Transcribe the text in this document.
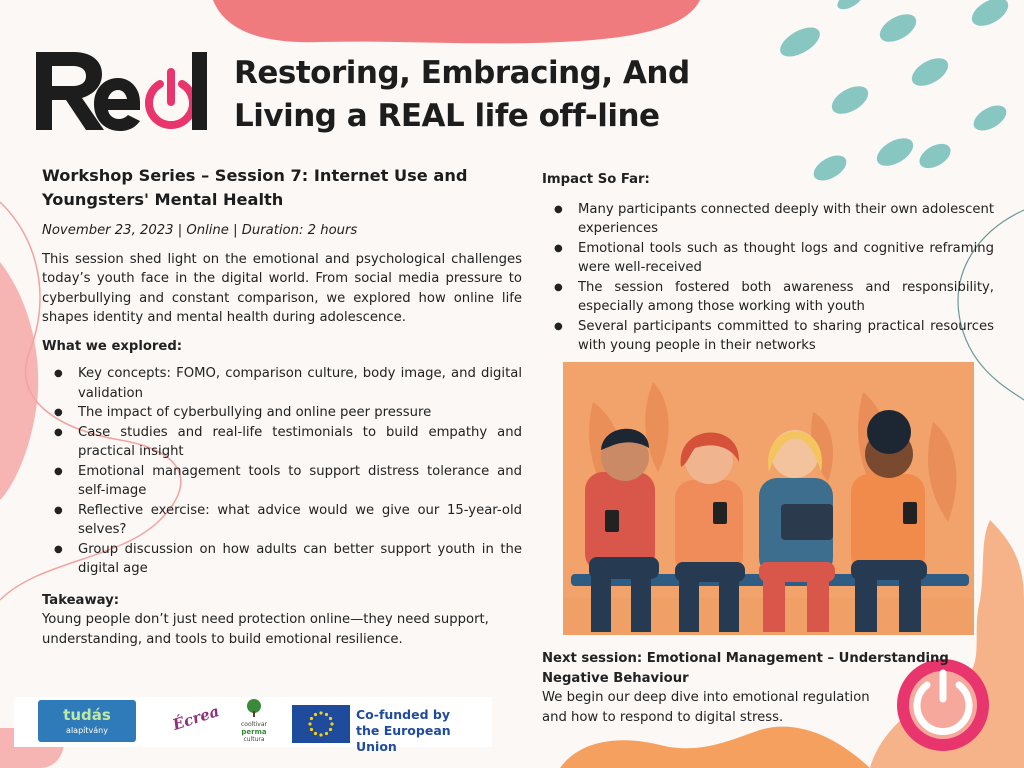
Restoring, Embracing, And
Living a REAL life off-line
Workshop Series – Session 7: Internet Use and Youngsters' Mental Health

November 23, 2023 | Online | Duration: 2 hours

This session shed light on the emotional and psychological challenges today’s youth face in the digital world. From social media pressure to cyberbullying and constant comparison, we explored how online life shapes identity and mental health during adolescence.

What we explored:
● Key concepts: FOMO, comparison culture, body image, and digital validation
● The impact of cyberbullying and online peer pressure
● Case studies and real-life testimonials to build empathy and practical insight
● Emotional management tools to support distress tolerance and self-image
● Reflective exercise: what advice would we give our 15-year-old selves?
● Group discussion on how adults can better support youth in the digital age
Takeaway:
Young people don’t just need protection online—they need support, understanding, and tools to build emotional resilience.
Impact So Far:
● Many participants connected deeply with their own adolescent experiences
● Emotional tools such as thought logs and cognitive reframing were well-received
● The session fostered both awareness and responsibility, especially among those working with youth
● Several participants committed to sharing practical resources with young people in their networks
Next session: Emotional Management – Understanding Negative Behaviour
We begin our deep dive into emotional regulation and how to respond to digital stress.
tudás
alapítvány	Écrea	cooltivar
perma
cultura
Co-funded by
the European Union
